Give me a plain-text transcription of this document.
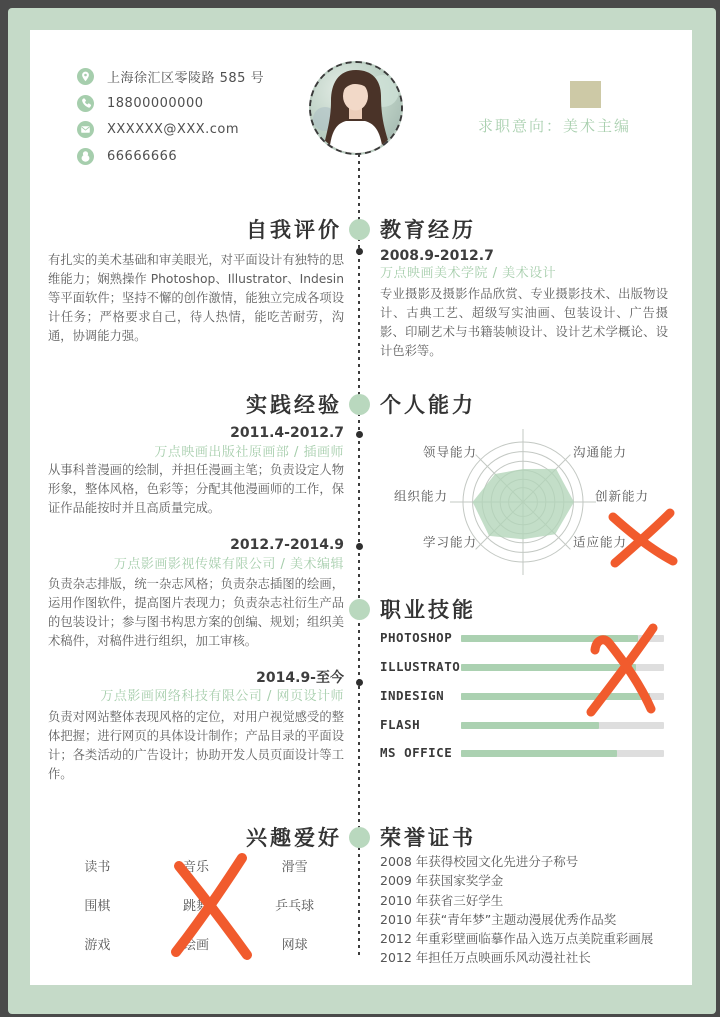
上海徐汇区零陵路 585 号
18800000000
XXXXXX@XXX.com
66666666
求职意向：美术主编
自我评价
有扎实的美术基础和审美眼光，对平面设计有独特的思维能力；娴熟操作 Photoshop、Illustrator、Indesin 等平面软件；坚持不懈的创作激情，能独立完成各项设计任务；严格要求自己，待人热情，能吃苦耐劳，沟通，协调能力强。
实践经验
2011.4-2012.7
万点映画出版社原画部 / 插画师
从事科普漫画的绘制，并担任漫画主笔；负责设定人物形象，整体风格，色彩等；分配其他漫画师的工作，保证作品能按时并且高质量完成。
2012.7-2014.9
万点影画影视传媒有限公司 / 美术编辑
负责杂志排版，统一杂志风格；负责杂志插图的绘画，运用作图软件，提高图片表现力；负责杂志社衍生产品的包装设计；参与图书构思方案的创编、规划；组织美术稿件，对稿件进行组织，加工审核。
2014.9-至今
万点影画网络科技有限公司 / 网页设计师
负责对网站整体表现风格的定位，对用户视觉感受的整体把握；进行网页的具体设计制作；产品目录的平面设计；各类活动的广告设计；协助开发人员页面设计等工作。
兴趣爱好
读书	音乐	滑雪
围棋	跳舞	乒乓球
游戏	绘画	网球
教育经历
2008.9-2012.7
万点映画美术学院 / 美术设计
专业摄影及摄影作品欣赏、专业摄影技术、出版物设计、古典工艺、超级写实油画、包装设计、广告摄影、印刷艺术与书籍装帧设计、设计艺术学概论、设计色彩等。
个人能力
领导能力	沟通能力
组织能力	创新能力
学习能力	适应能力
职业技能
PHOTOSHOP
ILLUSTRATO
INDESIGN
FLASH
MS OFFICE
荣誉证书
2008 年获得校园文化先进分子称号
2009 年获国家奖学金
2010 年获省三好学生
2010 年获“青年梦”主题动漫展优秀作品奖
2012 年重彩壁画临摹作品入选万点美院重彩画展
2012 年担任万点映画乐风动漫社社长
